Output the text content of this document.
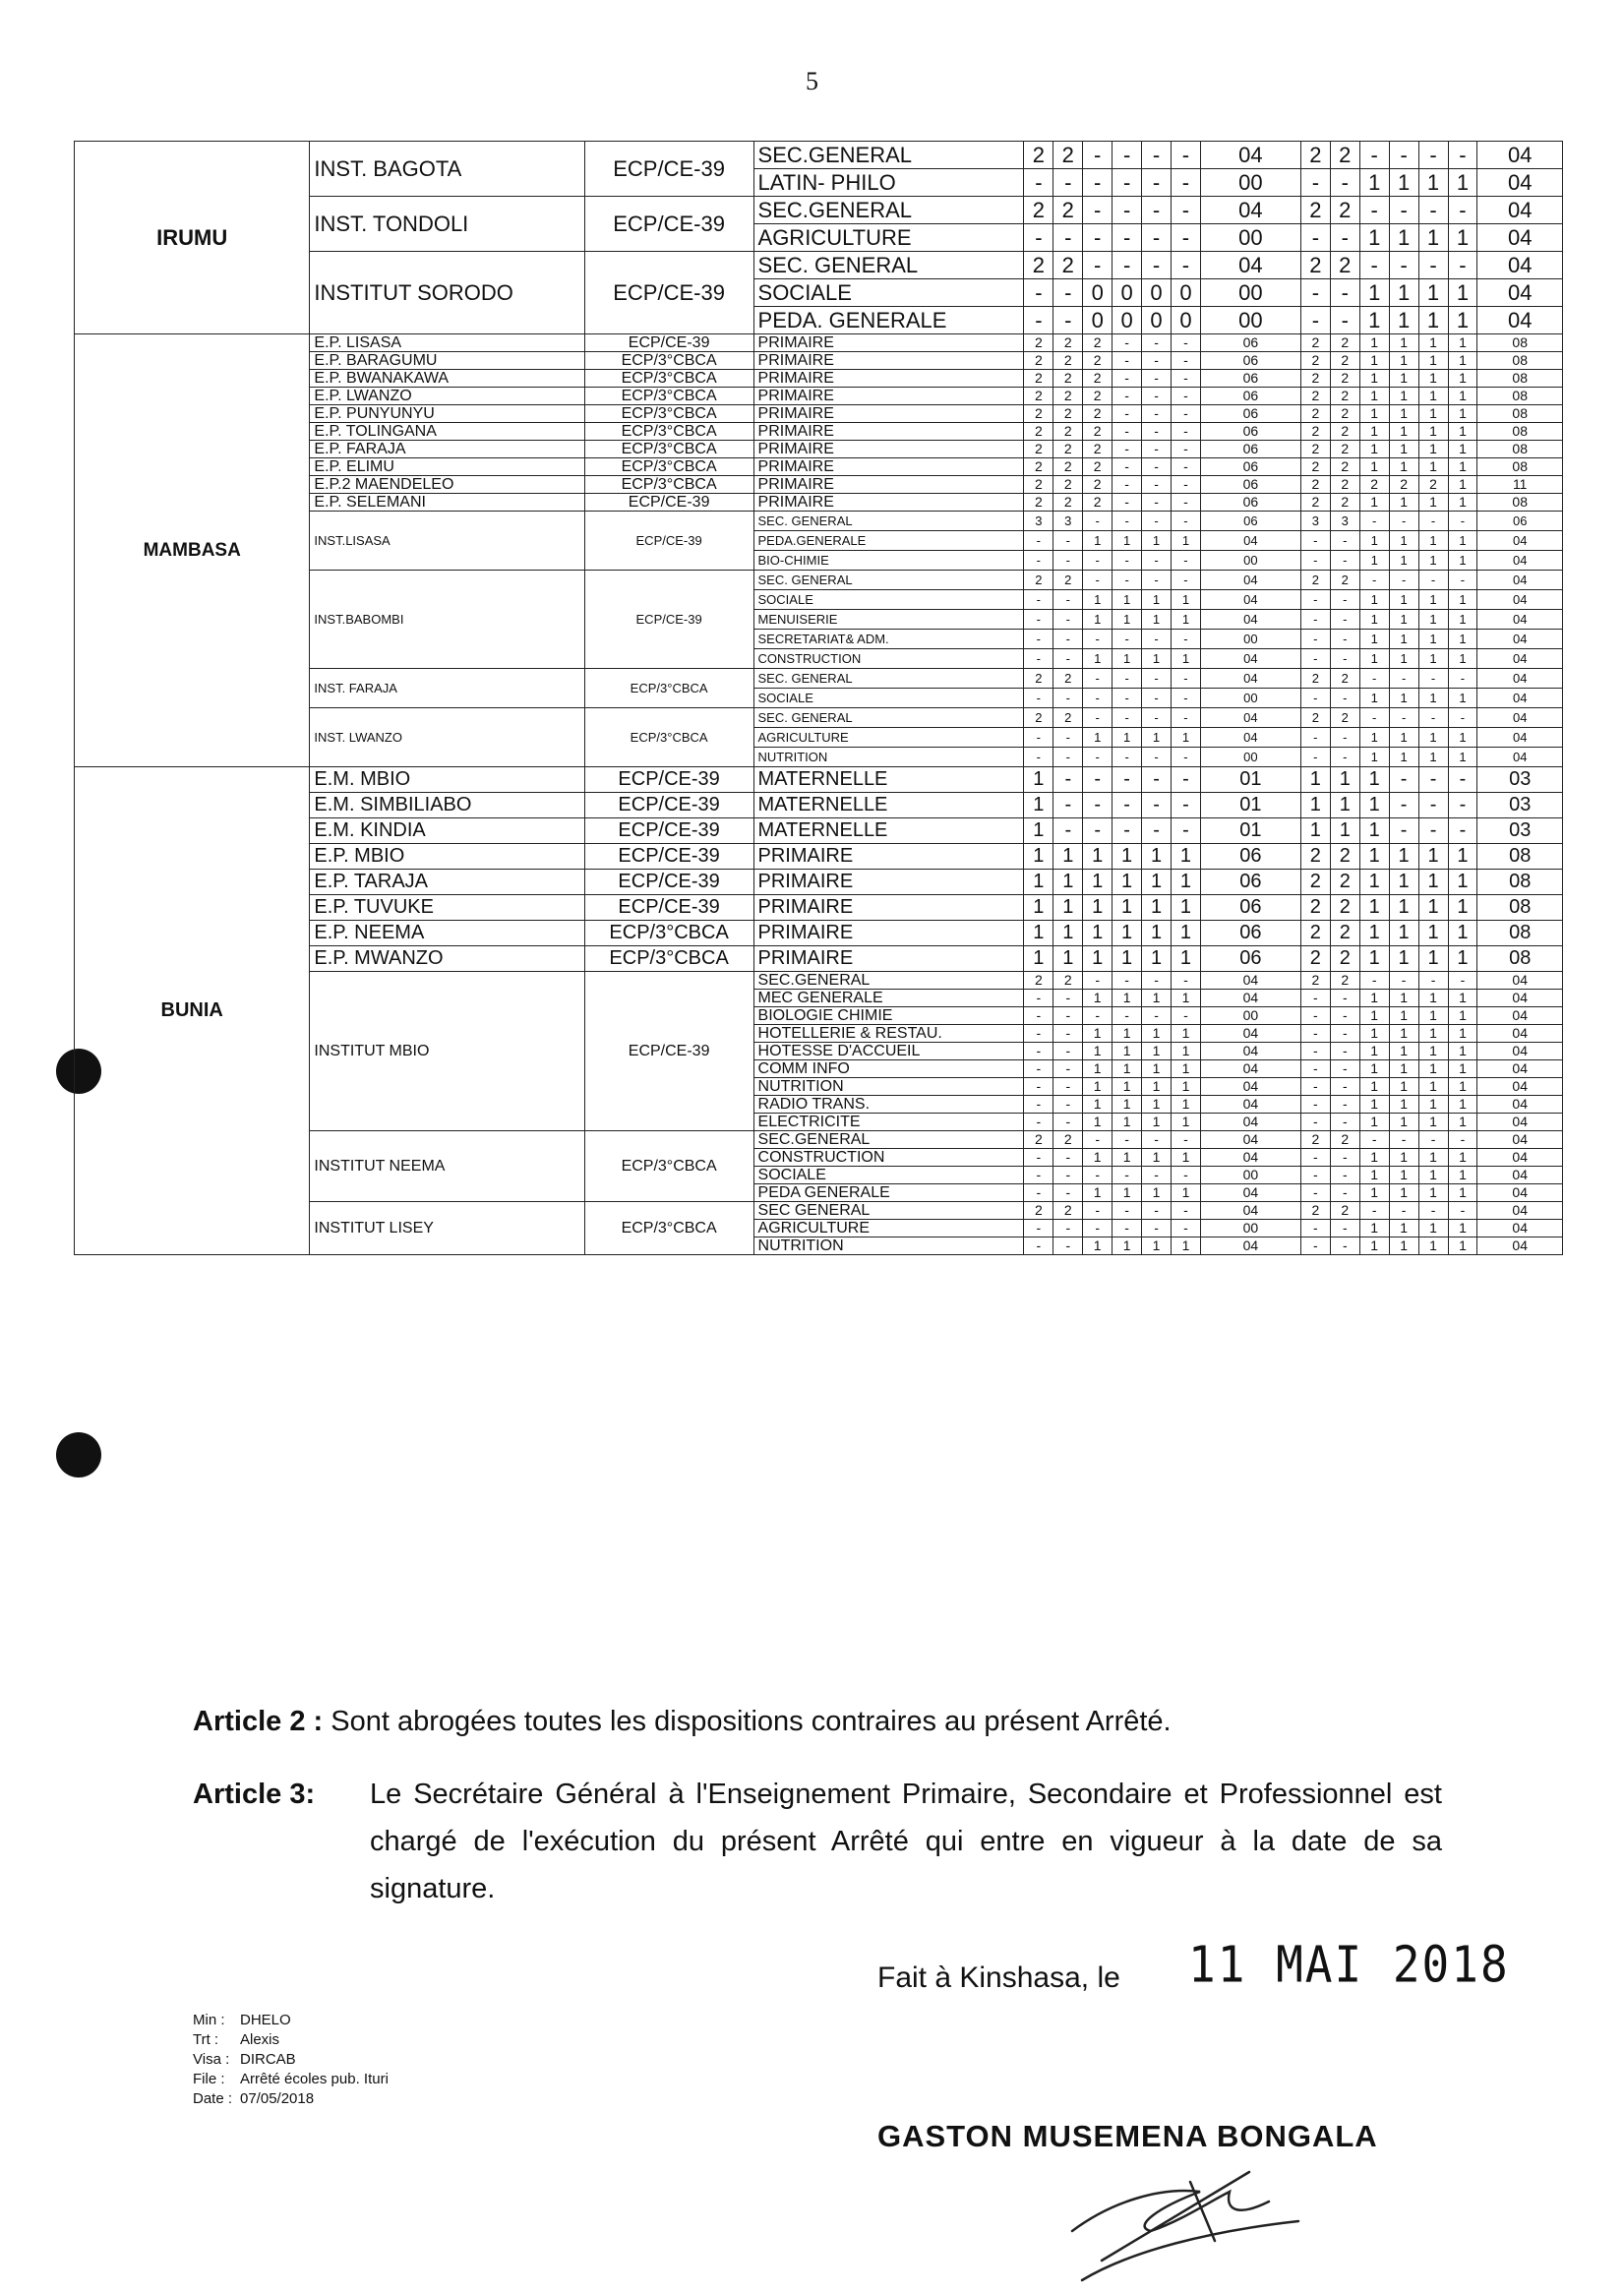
5
IRUMU	INST. BAGOTA	ECP/CE-39	SEC.GENERAL	2	2	-	-	-	-	04	2	2	-	-	-	-	04
			LATIN- PHILO	-	-	-	-	-	-	00	-	-	1	1	1	1	04
	INST. TONDOLI	ECP/CE-39	SEC.GENERAL	2	2	-	-	-	-	04	2	2	-	-	-	-	04
			AGRICULTURE	-	-	-	-	-	-	00	-	-	1	1	1	1	04
	INSTITUT SORODO	ECP/CE-39	SEC. GENERAL	2	2	-	-	-	-	04	2	2	-	-	-	-	04
			SOCIALE	-	-	0	0	0	0	00	-	-	1	1	1	1	04
			PEDA. GENERALE	-	-	0	0	0	0	00	-	-	1	1	1	1	04
MAMBASA	E.P. LISASA	ECP/CE-39	PRIMAIRE	2	2	2	-	-	-	06	2	2	1	1	1	1	08
	E.P. BARAGUMU	ECP/3°CBCA	PRIMAIRE	2	2	2	-	-	-	06	2	2	1	1	1	1	08
	E.P. BWANAKAWA	ECP/3°CBCA	PRIMAIRE	2	2	2	-	-	-	06	2	2	1	1	1	1	08
	E.P. LWANZO	ECP/3°CBCA	PRIMAIRE	2	2	2	-	-	-	06	2	2	1	1	1	1	08
	E.P. PUNYUNYU	ECP/3°CBCA	PRIMAIRE	2	2	2	-	-	-	06	2	2	1	1	1	1	08
	E.P. TOLINGANA	ECP/3°CBCA	PRIMAIRE	2	2	2	-	-	-	06	2	2	1	1	1	1	08
	E.P. FARAJA	ECP/3°CBCA	PRIMAIRE	2	2	2	-	-	-	06	2	2	1	1	1	1	08
	E.P. ELIMU	ECP/3°CBCA	PRIMAIRE	2	2	2	-	-	-	06	2	2	1	1	1	1	08
	E.P.2 MAENDELEO	ECP/3°CBCA	PRIMAIRE	2	2	2	-	-	-	06	2	2	2	2	2	1	11
	E.P. SELEMANI	ECP/CE-39	PRIMAIRE	2	2	2	-	-	-	06	2	2	1	1	1	1	08
	INST.LISASA	ECP/CE-39	SEC. GENERAL	3	3	-	-	-	-	06	3	3	-	-	-	-	06
			PEDA.GENERALE	-	-	1	1	1	1	04	-	-	1	1	1	1	04
			BIO-CHIMIE	-	-	-	-	-	-	00	-	-	1	1	1	1	04
	INST.BABOMBI	ECP/CE-39	SEC. GENERAL	2	2	-	-	-	-	04	2	2	-	-	-	-	04
			SOCIALE	-	-	1	1	1	1	04	-	-	1	1	1	1	04
			MENUISERIE	-	-	1	1	1	1	04	-	-	1	1	1	1	04
			SECRETARIAT& ADM.	-	-	-	-	-	-	00	-	-	1	1	1	1	04
			CONSTRUCTION	-	-	1	1	1	1	04	-	-	1	1	1	1	04
	INST. FARAJA	ECP/3°CBCA	SEC. GENERAL	2	2	-	-	-	-	04	2	2	-	-	-	-	04
			SOCIALE	-	-	-	-	-	-	00	-	-	1	1	1	1	04
	INST. LWANZO	ECP/3°CBCA	SEC. GENERAL	2	2	-	-	-	-	04	2	2	-	-	-	-	04
			AGRICULTURE	-	-	1	1	1	1	04	-	-	1	1	1	1	04
			NUTRITION	-	-	-	-	-	-	00	-	-	1	1	1	1	04
BUNIA	E.M. MBIO	ECP/CE-39	MATERNELLE	1	-	-	-	-	-	01	1	1	1	-	-	-	03
	E.M. SIMBILIABO	ECP/CE-39	MATERNELLE	1	-	-	-	-	-	01	1	1	1	-	-	-	03
	E.M. KINDIA	ECP/CE-39	MATERNELLE	1	-	-	-	-	-	01	1	1	1	-	-	-	03
	E.P. MBIO	ECP/CE-39	PRIMAIRE	1	1	1	1	1	1	06	2	2	1	1	1	1	08
	E.P. TARAJA	ECP/CE-39	PRIMAIRE	1	1	1	1	1	1	06	2	2	1	1	1	1	08
	E.P. TUVUKE	ECP/CE-39	PRIMAIRE	1	1	1	1	1	1	06	2	2	1	1	1	1	08
	E.P. NEEMA	ECP/3°CBCA	PRIMAIRE	1	1	1	1	1	1	06	2	2	1	1	1	1	08
	E.P. MWANZO	ECP/3°CBCA	PRIMAIRE	1	1	1	1	1	1	06	2	2	1	1	1	1	08
	INSTITUT MBIO	ECP/CE-39	SEC.GENERAL	2	2	-	-	-	-	04	2	2	-	-	-	-	04
			MEC GENERALE	-	-	1	1	1	1	04	-	-	1	1	1	1	04
			BIOLOGIE CHIMIE	-	-	-	-	-	-	00	-	-	1	1	1	1	04
			HOTELLERIE & RESTAU.	-	-	1	1	1	1	04	-	-	1	1	1	1	04
			HOTESSE D'ACCUEIL	-	-	1	1	1	1	04	-	-	1	1	1	1	04
			COMM INFO	-	-	1	1	1	1	04	-	-	1	1	1	1	04
			NUTRITION	-	-	1	1	1	1	04	-	-	1	1	1	1	04
			RADIO TRANS.	-	-	1	1	1	1	04	-	-	1	1	1	1	04
			ELECTRICITE	-	-	1	1	1	1	04	-	-	1	1	1	1	04
	INSTITUT NEEMA	ECP/3°CBCA	SEC.GENERAL	2	2	-	-	-	-	04	2	2	-	-	-	-	04
			CONSTRUCTION	-	-	1	1	1	1	04	-	-	1	1	1	1	04
			SOCIALE	-	-	-	-	-	-	00	-	-	1	1	1	1	04
			PEDA GENERALE	-	-	1	1	1	1	04	-	-	1	1	1	1	04
	INSTITUT LISEY	ECP/3°CBCA	SEC GENERAL	2	2	-	-	-	-	04	2	2	-	-	-	-	04
			AGRICULTURE	-	-	-	-	-	-	00	-	-	1	1	1	1	04
			NUTRITION	-	-	1	1	1	1	04	-	-	1	1	1	1	04
Article 2 : Sont abrogées toutes les dispositions contraires au présent Arrêté.
Article 3: Le Secrétaire Général à l'Enseignement Primaire, Secondaire et Professionnel est chargé de l'exécution du présent Arrêté qui entre en vigueur à la date de sa signature.
Fait à Kinshasa, le 11 MAI 2018
Min : DHELO
Trt : Alexis
Visa : DIRCAB
File : Arrêté écoles pub. Ituri
Date : 07/05/2018
GASTON MUSEMENA BONGALA
